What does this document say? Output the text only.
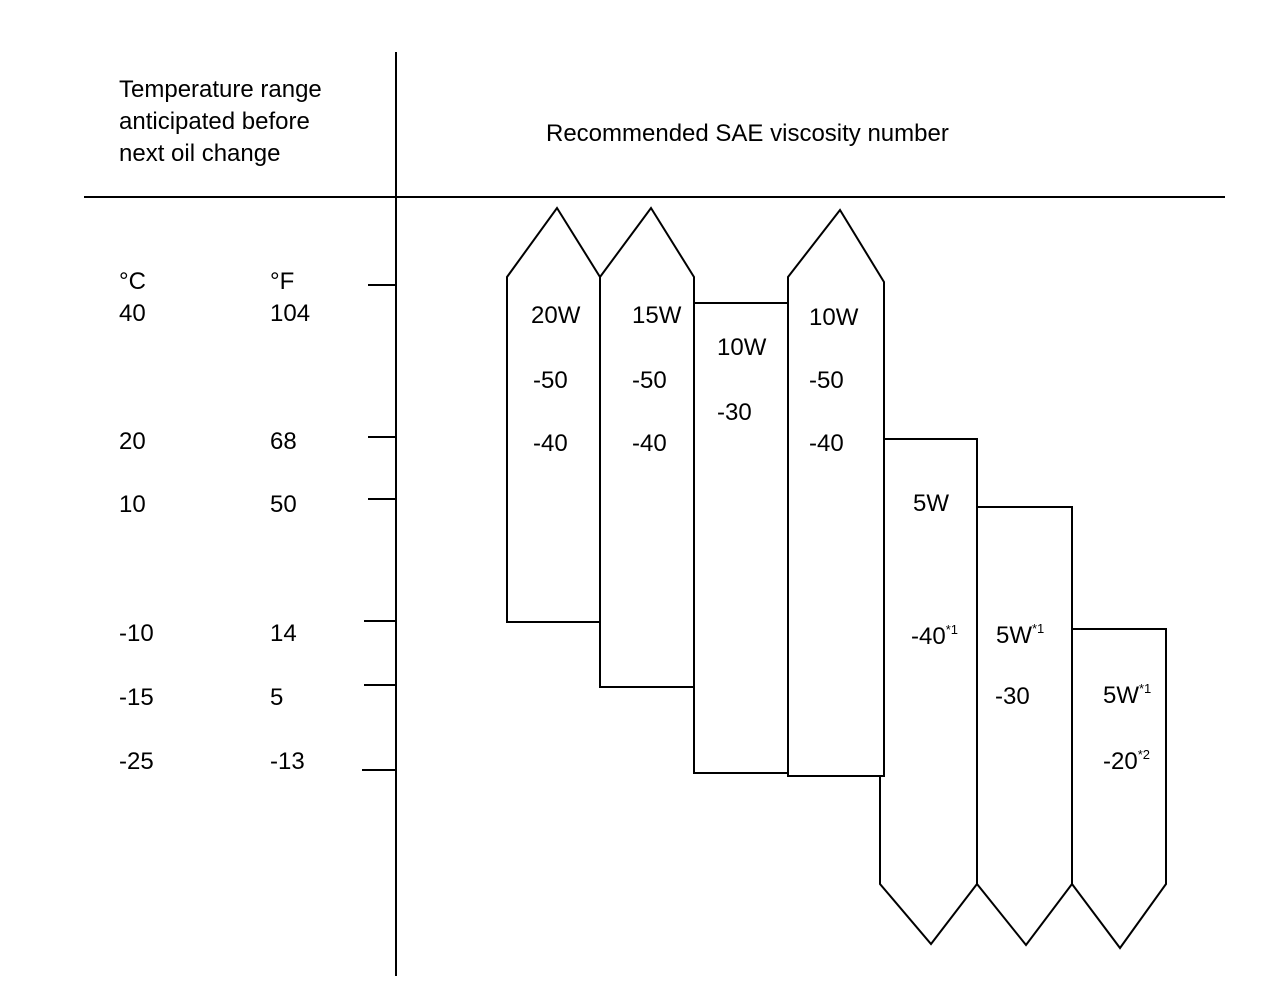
Temperature range
anticipated before
next oil change
Recommended SAE viscosity number
°C	°F
40	104
20	68
10	50
-10	14
-15	5
-25	-13
20W
-50
-40
15W
-50
-40
10W
-30
10W
-50
-40
5W
-40$^{*1}$ $5W^{*1}$
-30	$5W^{*1}$
-20$^{*2}$
